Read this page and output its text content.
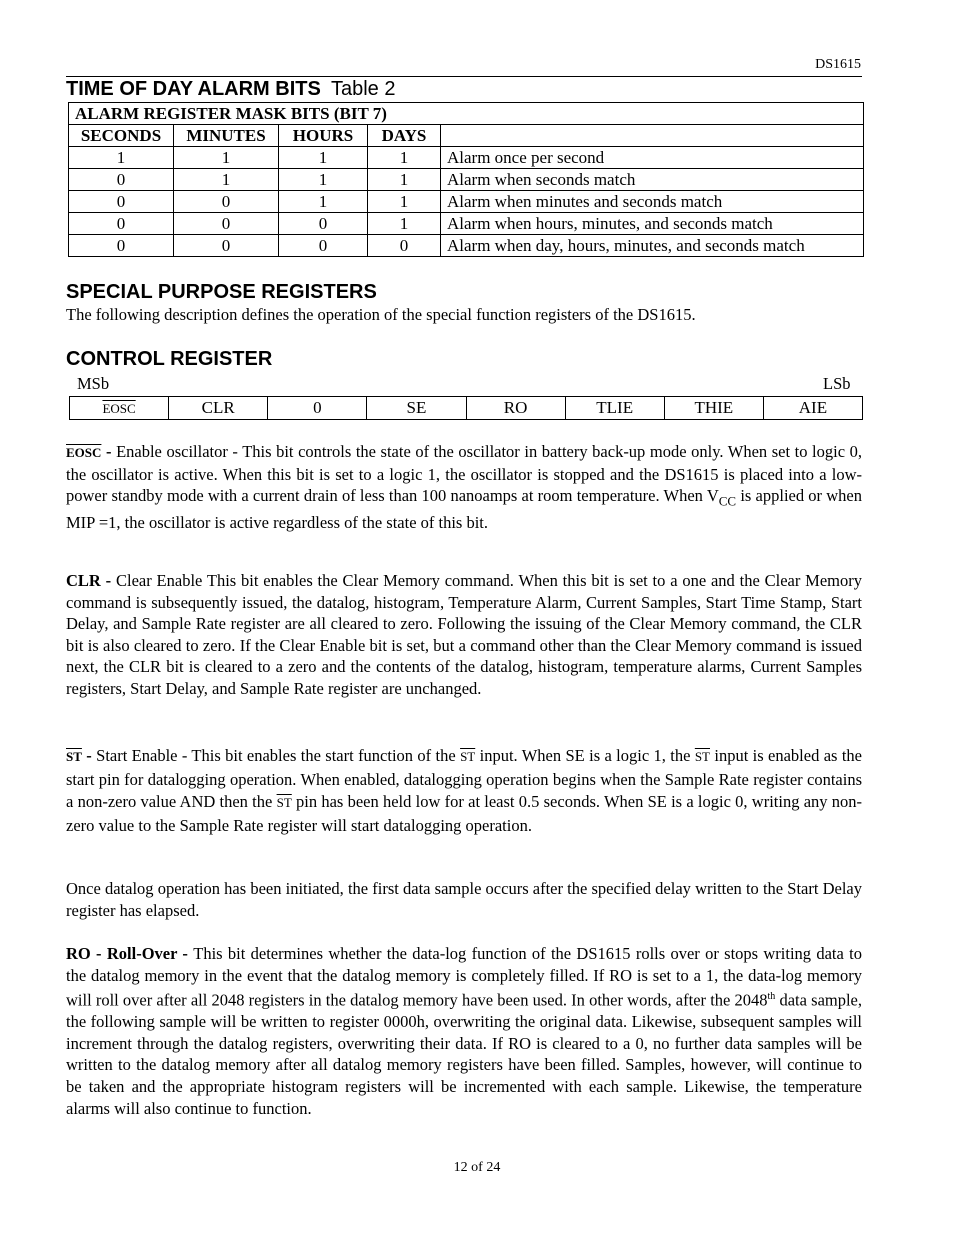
DS1615
TIME OF DAY ALARM BITS Table 2
ALARM REGISTER MASK BITS (BIT 7)				
SECONDS	MINUTES	HOURS	DAYS	
1	1	1	1	Alarm once per second
0	1	1	1	Alarm when seconds match
0	0	1	1	Alarm when minutes and seconds match
0	0	0	1	Alarm when hours, minutes, and seconds match
0	0	0	0	Alarm when day, hours, minutes, and seconds match
SPECIAL PURPOSE REGISTERS

The following description defines the operation of the special function registers of the DS1615.

CONTROL REGISTER
MSb	LSb
EOSC	CLR	0	SE	RO	TLIE	THIE	AIE

EOSC - Enable oscillator - This bit controls the state of the oscillator in battery back-up mode only. When set to logic 0, the oscillator is active. When this bit is set to a logic 1, the oscillator is stopped and the DS1615 is placed into a low-power standby mode with a current drain of less than 100 nanoamps at room temperature. When $V_{CC}$ is applied or when MIP =1, the oscillator is active regardless of the state of this bit.

CLR - Clear Enable This bit enables the Clear Memory command. When this bit is set to a one and the Clear Memory command is subsequently issued, the datalog, histogram, Temperature Alarm, Current Samples, Start Time Stamp, Start Delay, and Sample Rate register are all cleared to zero. Following the issuing of the Clear Memory command, the CLR bit is also cleared to zero. If the Clear Enable bit is set, but a command other than the Clear Memory command is issued next, the CLR bit is cleared to a zero and the contents of the datalog, histogram, temperature alarms, Current Samples registers, Start Delay, and Sample Rate register are unchanged.

$\overline{ST}$ - Start Enable - This bit enables the start function of the $\overline{ST}$ input. When SE is a logic 1, the $\overline{ST}$ input is enabled as the start pin for datalogging operation. When enabled, datalogging operation begins when the Sample Rate register contains a non-zero value AND then the $\overline{ST}$ pin has been held low for at least 0.5 seconds. When SE is a logic 0, writing any non-zero value to the Sample Rate register will start datalogging operation.

Once datalog operation has been initiated, the first data sample occurs after the specified delay written to the Start Delay register has elapsed.

RO - Roll-Over - This bit determines whether the data-log function of the DS1615 rolls over or stops writing data to the datalog memory in the event that the datalog memory is completely filled. If RO is set to a 1, the data-log memory will roll over after all 2048 registers in the datalog memory have been used. In other words, after the 2048th data sample, the following sample will be written to register 0000h, overwriting the original data. Likewise, subsequent samples will increment through the datalog registers, overwriting their data. If RO is cleared to a 0, no further data samples will be written to the datalog memory after all datalog memory registers have been filled. Samples, however, will continue to be taken and the appropriate histogram registers will be incremented with each sample. Likewise, the temperature alarms will also continue to function.

12 of 24
